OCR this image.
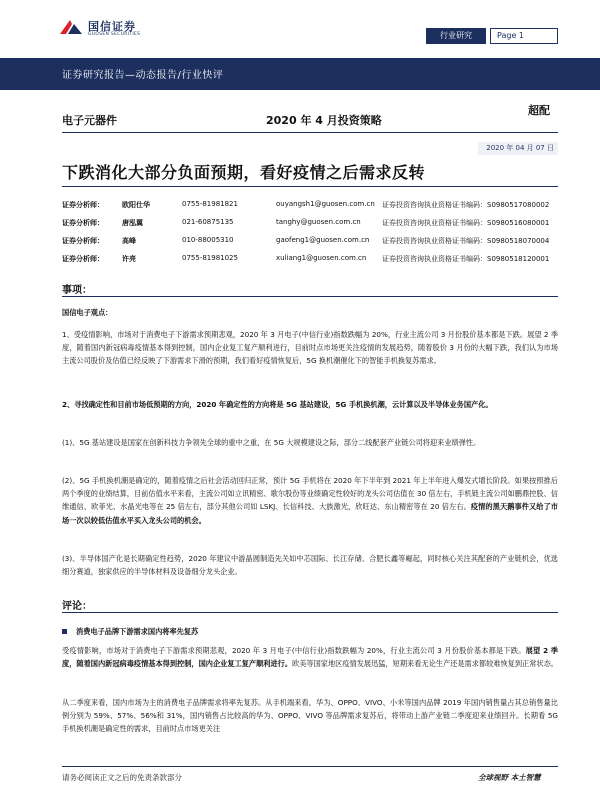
国信证券
GUOSEN SECURITIES	行业研究	Page 1
证券研究报告—动态报告/行业快评
电子元器件	2020 年 4 月投资策略
超配
2020 年 04 月 07 日
下跌消化大部分负面预期，看好疫情之后需求反转
证券分析师：	欧阳仕华	0755-81981821	ouyangsh1@guosen.com.cn 证券投资咨询执业资格证书编码：S0980517080002
证券分析师：	唐泓翼	021-60875135	tanghy@guosen.com.cn	证券投资咨询执业资格证书编码：S0980516080001
证券分析师：	高峰	010-88005310	gaofeng1@guosen.com.cn 证券投资咨询执业资格证书编码：S0980518070004
证券分析师：	许亮	0755-81981025	xuliang1@guosen.com.cn 证券投资咨询执业资格证书编码：S0980518120001
事项：
国信电子观点：
1、受疫情影响，市场对于消费电子下游需求预期悲观，2020 年 3 月电子(中信行业)指数跌幅为 20%，行业主流公司 3 月份股价基本都是下跌。展望 2 季度，随着国内新冠病毒疫情基本得到控制，国内企业复工复产顺利进行，目前时点市场更关注疫情的发展趋势，随着股价 3 月份的大幅下跌，我们认为市场主流公司股价及估值已经反映了下游需求下滑的预期，我们看好疫情恢复后，5G 换机潮催化下的智能手机换复苏需求。
2、寻找确定性和目前市场低预期的方向，2020 年确定性的方向将是 5G 基站建设，5G 手机换机潮，云计算以及半导体业务国产化。
(1)、5G 基站建设是国家在创新科技力争领先全球的重中之重，在 5G 大规模建设之际，部分二线配套产业链公司将迎来业绩弹性。
(2)、5G 手机换机潮是确定的，随着疫情之后社会活动回归正常，预计 5G 手机将在 2020 年下半年到 2021 年上半年进入爆发式增长阶段。如果按照推后两个季度的业绩结算，目前估值水平来看，主流公司如立讯精密、歌尔股份等业绩确定性较好的龙头公司估值在 30 倍左右，手机链主流公司如鹏鼎控股、信维通信、欧菲光、水晶光电等在 25 倍左右，部分其他公司如 LSKJ、长信科技、大族激光，欣旺达、东山精密等在 20 倍左右。疫情的黑天鹅事件又给了市场一次以较低估值水平买入龙头公司的机会。
(3)、半导体国产化是长期确定性趋势，2020 年建议中游晶圆制造先关如中芯国际、长江存储、合肥长鑫等崛起，同时核心关注其配套的产业链机会，优选细分赛道，独家供应的半导体材料及设备细分龙头企业。
评论：
消费电子品牌下游需求国内将率先复苏
受疫情影响，市场对于消费电子下游需求预期悲观，2020 年 3 月电子(中信行业)指数跌幅为 20%，行业主流公司 3 月份股价基本都是下跌。展望 2 季度，随着国内新冠病毒疫情基本得到控制，国内企业复工复产顺利进行。欧美等国家地区疫情发展迅猛，短期来看无论生产还是需求都较难恢复到正常状态。
从二季度来看，国内市场为主的消费电子品牌需求将率先复苏。从手机端来看，华为、OPPO、VIVO、小米等国内品牌 2019 年国内销售量占其总销售量比例分别为 59%、57%、56%和 31%，国内销售占比较高的华为、OPPO、VIVO 等品牌需求复苏后，将带动上游产业链二季度迎来业绩回升。长期看 5G 手机换机潮是确定性的需求，目前时点市场更关注
请务必阅读正文之后的免责条款部分	全球视野 本土智慧
